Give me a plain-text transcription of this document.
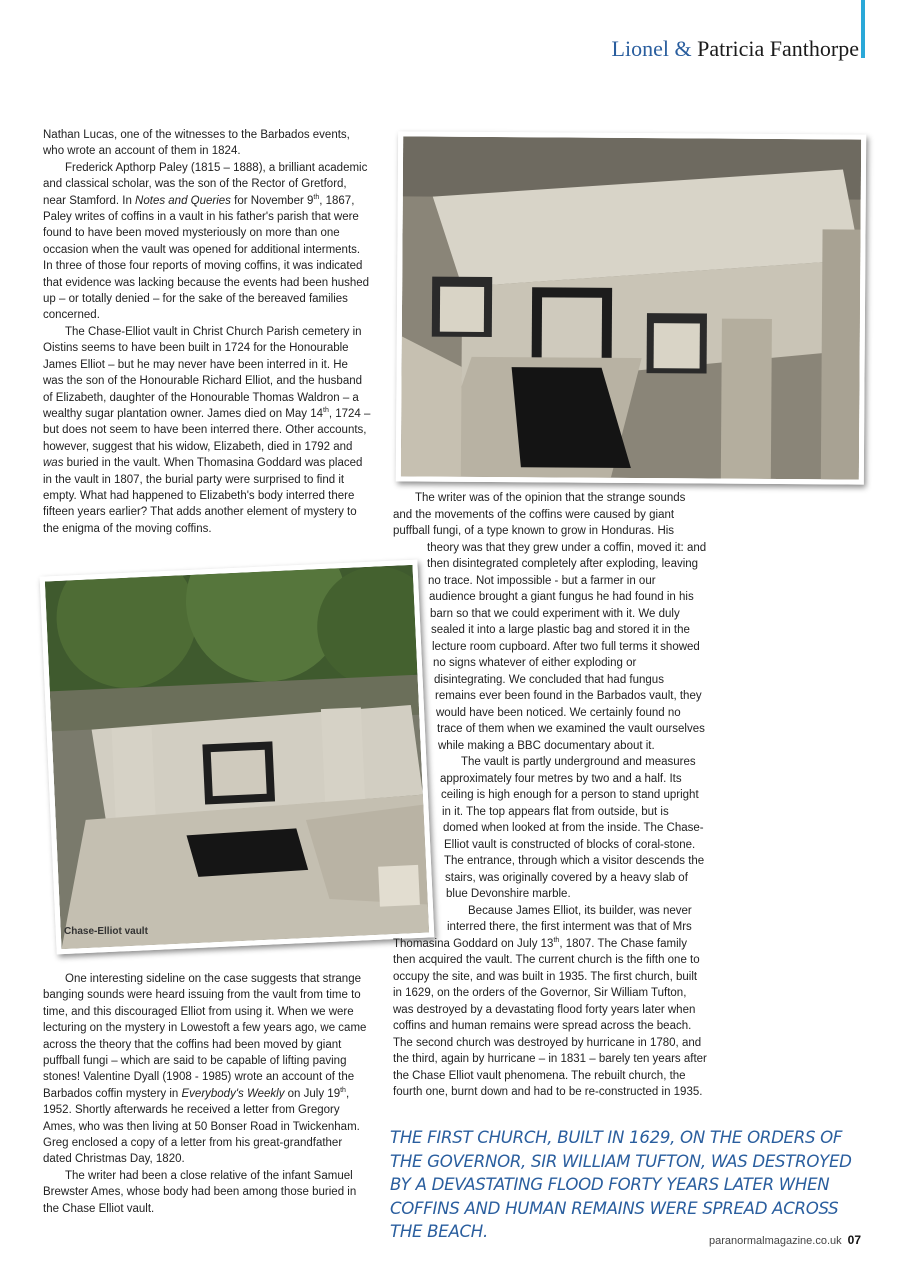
Lionel & Patricia Fanthorpe

Nathan Lucas, one of the witnesses to the Barbados events, who wrote an account of them in 1824.

Frederick Apthorp Paley (1815 – 1888), a brilliant academic and classical scholar, was the son of the Rector of Gretford, near Stamford. In Notes and Queries for November 9th, 1867, Paley writes of coffins in a vault in his father's parish that were found to have been moved mysteriously on more than one occasion when the vault was opened for additional interments. In three of those four reports of moving coffins, it was indicated that evidence was lacking because the events had been hushed up – or totally denied – for the sake of the bereaved families concerned.

The Chase-Elliot vault in Christ Church Parish cemetery in Oistins seems to have been built in 1724 for the Honourable James Elliot – but he may never have been interred in it. He was the son of the Honourable Richard Elliot, and the husband of Elizabeth, daughter of the Honourable Thomas Waldron – a wealthy sugar plantation owner. James died on May 14th, 1724 – but does not seem to have been interred there. Other accounts, however, suggest that his widow, Elizabeth, died in 1792 and was buried in the vault. When Thomasina Goddard was placed in the vault in 1807, the burial party were surprised to find it empty. What had happened to Elizabeth's body interred there fifteen years earlier? That adds another element of mystery to the enigma of the moving coffins.

Chase-Elliot vault

One interesting sideline on the case suggests that strange banging sounds were heard issuing from the vault from time to time, and this discouraged Elliot from using it. When we were lecturing on the mystery in Lowestoft a few years ago, we came across the theory that the coffins had been moved by giant puffball fungi – which are said to be capable of lifting paving stones! Valentine Dyall (1908 - 1985) wrote an account of the Barbados coffin mystery in Everybody's Weekly on July 19th, 1952. Shortly afterwards he received a letter from Gregory Ames, who was then living at 50 Bonser Road in Twickenham. Greg enclosed a copy of a letter from his great-grandfather dated Christmas Day, 1820.

The writer had been a close relative of the infant Samuel Brewster Ames, whose body had been among those buried in the Chase Elliot vault.

The writer was of the opinion that the strange sounds

and the movements of the coffins were caused by giant

puffball fungi, of a type known to grow in Honduras. His

theory was that they grew under a coffin, moved it: and

then disintegrated completely after exploding, leaving

no trace. Not impossible - but a farmer in our

audience brought a giant fungus he had found in his

barn so that we could experiment with it. We duly

sealed it into a large plastic bag and stored it in the

lecture room cupboard. After two full terms it showed

no signs whatever of either exploding or

disintegrating. We concluded that had fungus

remains ever been found in the Barbados vault, they

would have been noticed. We certainly found no

trace of them when we examined the vault ourselves

while making a BBC documentary about it.

The vault is partly underground and measures

approximately four metres by two and a half. Its

ceiling is high enough for a person to stand upright

in it. The top appears flat from outside, but is

domed when looked at from the inside. The Chase-

Elliot vault is constructed of blocks of coral-stone.

The entrance, through which a visitor descends the

stairs, was originally covered by a heavy slab of

blue Devonshire marble.

Because James Elliot, its builder, was never

interred there, the first interment was that of Mrs

Thomasina Goddard on July 13th, 1807. The Chase family

then acquired the vault. The current church is the fifth one to

occupy the site, and was built in 1935. The first church, built

in 1629, on the orders of the Governor, Sir William Tufton,

was destroyed by a devastating flood forty years later when

coffins and human remains were spread across the beach.

The second church was destroyed by hurricane in 1780, and

the third, again by hurricane – in 1831 – barely ten years after

the Chase Elliot vault phenomena. The rebuilt church, the

fourth one, burnt down and had to be re-constructed in 1935.

THE FIRST CHURCH, BUILT IN 1629, ON THE ORDERS OF THE GOVERNOR, SIR WILLIAM TUFTON, WAS DESTROYED BY A DEVASTATING FLOOD FORTY YEARS LATER WHEN COFFINS AND HUMAN REMAINS WERE SPREAD ACROSS THE BEACH.	paranormalmagazine.co.uk 07
